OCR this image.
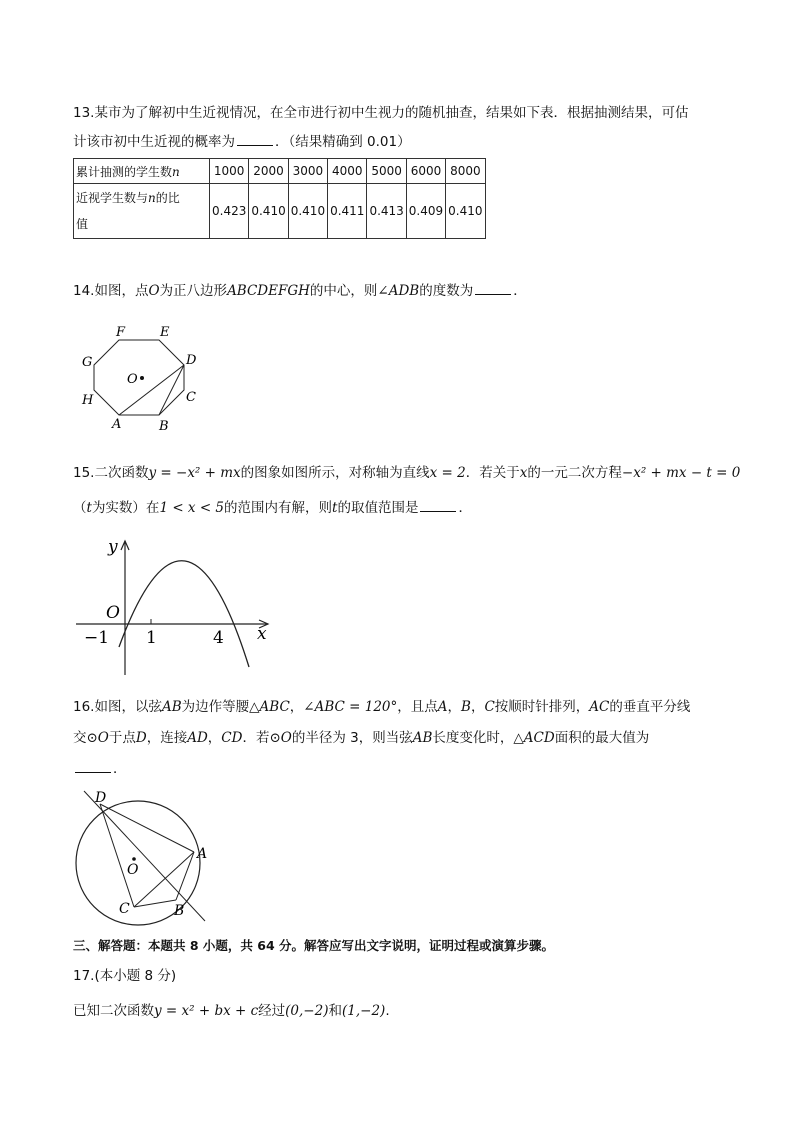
13.某市为了解初中生近视情况，在全市进行初中生视力的随机抽查，结果如下表．根据抽测结果，可估
计该市初中生近视的概率为	．（结果精确到 0.01）
累计抽测的学生数n	1000	2000	3000	4000	5000	6000	8000
近视学生数与n的比
值	0.423	0.410	0.410	0.411	0.413	0.409	0.410
14.如图，点O为正八边形ABCDEFGH的中心，则∠ADB的度数为	．
O
F	E
G	D
H	C
A	B
15.二次函数y = −x² + mx的图象如图所示，对称轴为直线x = 2．若关于x的一元二次方程−x² + mx − t = 0
（t为实数）在1 < x < 5的范围内有解，则t的取值范围是	．
y
x
O
−1 1	4
16.如图，以弦AB为边作等腰△ABC，∠ABC = 120°，且点A，B，C按顺时针排列，AC的垂直平分线
交⊙O于点D，连接AD，CD．若⊙O的半径为 3，则当弦AB长度变化时，△ACD面积的最大值为
．
D
A
O
C	B
三、解答题：本题共 8 小题，共 64 分。解答应写出文字说明，证明过程或演算步骤。
17.(本小题 8 分)
已知二次函数y = x² + bx + c经过(0,−2)和(1,−2).
